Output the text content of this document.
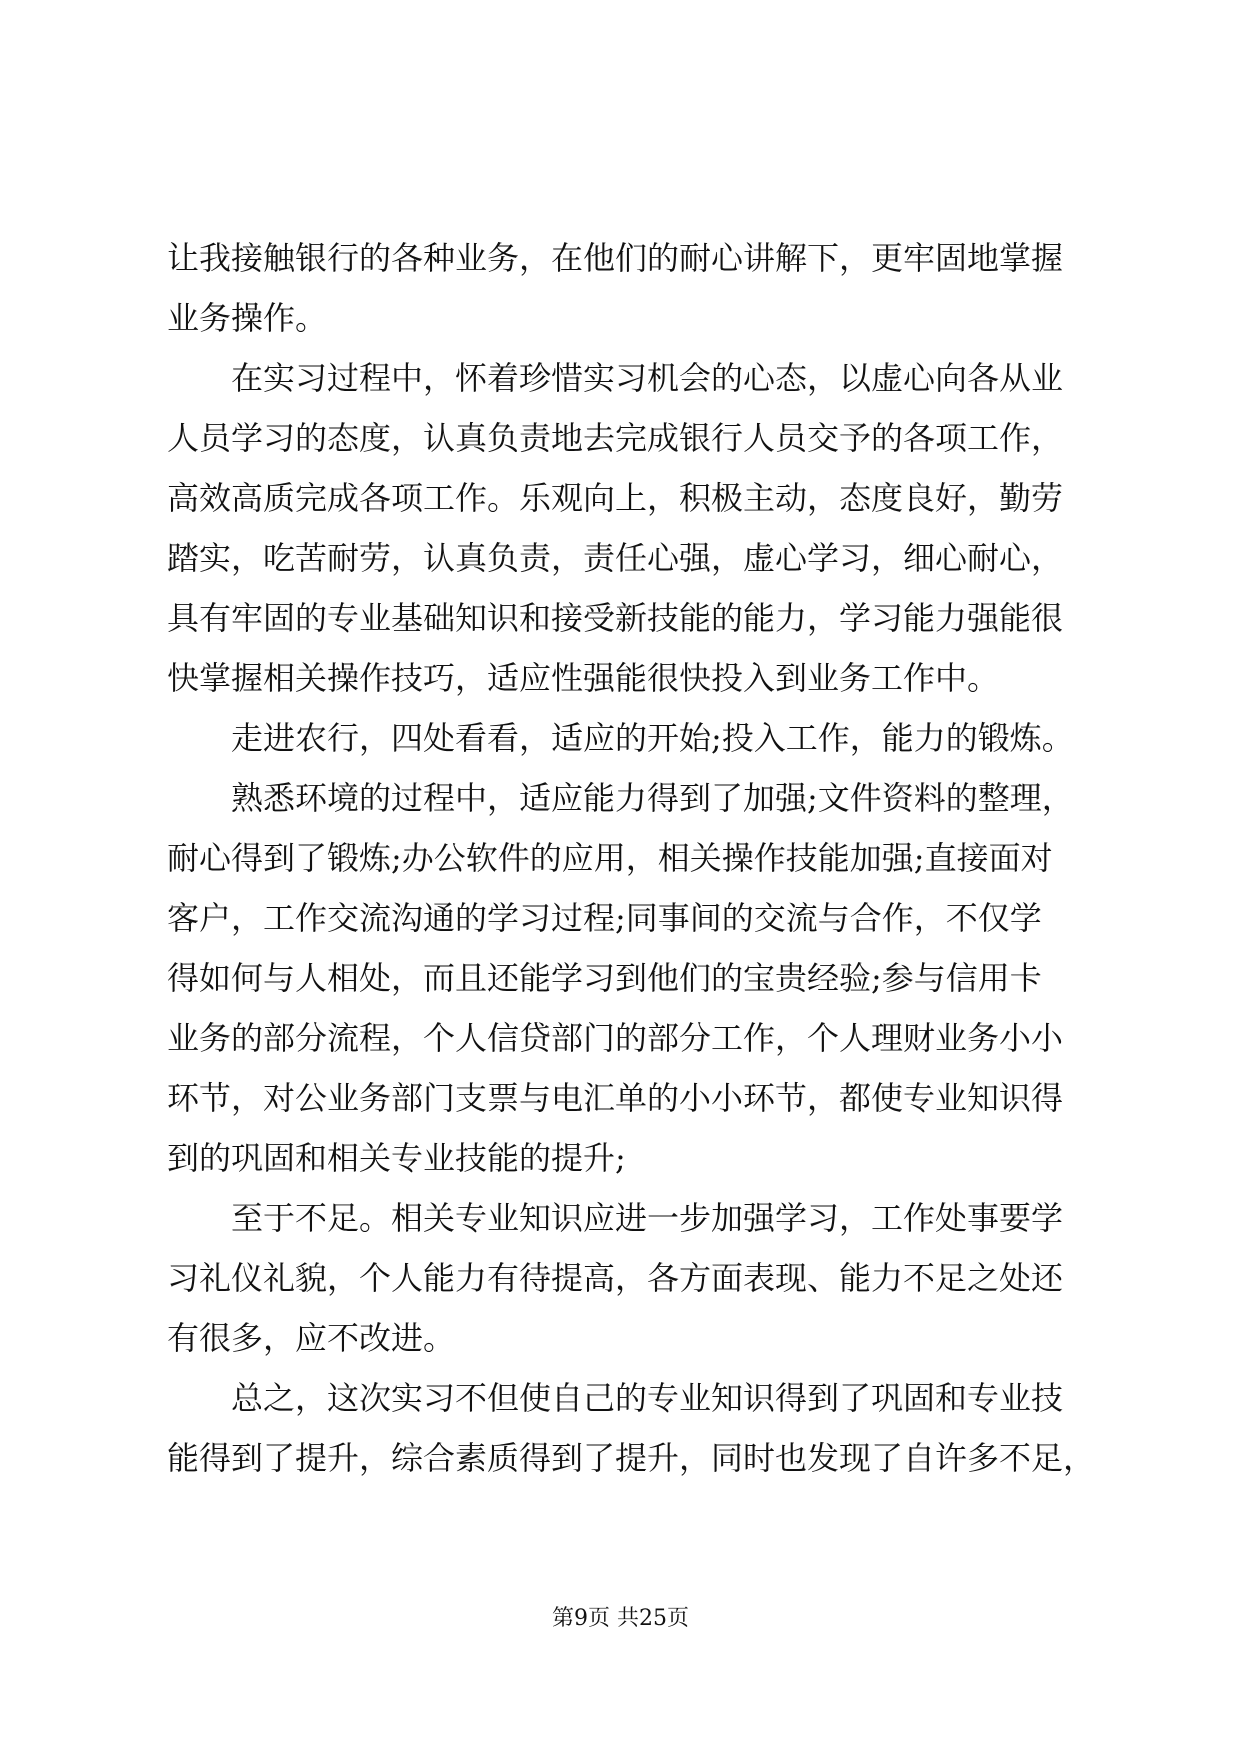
让我接触银行的各种业务，在他们的耐心讲解下，更牢固地掌握
业务操作。
在实习过程中，怀着珍惜实习机会的心态，以虚心向各从业
人员学习的态度，认真负责地去完成银行人员交予的各项工作，
高效高质完成各项工作。乐观向上，积极主动，态度良好，勤劳
踏实，吃苦耐劳，认真负责，责任心强，虚心学习，细心耐心，
具有牢固的专业基础知识和接受新技能的能力，学习能力强能很
快掌握相关操作技巧，适应性强能很快投入到业务工作中。
走进农行，四处看看，适应的开始;投入工作，能力的锻炼。
熟悉环境的过程中，适应能力得到了加强;文件资料的整理，
耐心得到了锻炼;办公软件的应用，相关操作技能加强;直接面对
客户，工作交流沟通的学习过程;同事间的交流与合作，不仅学
得如何与人相处，而且还能学习到他们的宝贵经验;参与信用卡
业务的部分流程，个人信贷部门的部分工作，个人理财业务小小
环节，对公业务部门支票与电汇单的小小环节，都使专业知识得
到的巩固和相关专业技能的提升;
至于不足。相关专业知识应进一步加强学习，工作处事要学
习礼仪礼貌，个人能力有待提高，各方面表现、能力不足之处还
有很多，应不改进。
总之，这次实习不但使自己的专业知识得到了巩固和专业技
能得到了提升，综合素质得到了提升，同时也发现了自许多不足，
第9页 共25页
